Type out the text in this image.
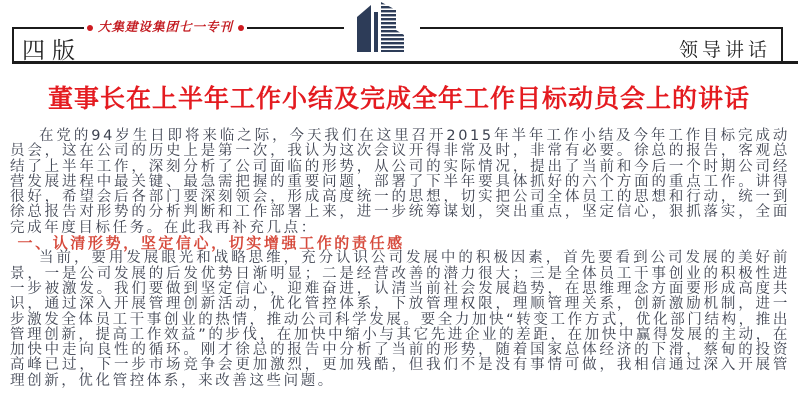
四版	领导讲话
大集建设集团七一专刊
董事长在上半年工作小结及完成全年工作目标动员会上的讲话

在党的94岁生日即将来临之际，今天我们在这里召开2015年半年工作小结及今年工作目标完成动员会，这在公司的历史上是第一次，我认为这次会议开得非常及时，非常有必要。徐总的报告，客观总结了上半年工作，深刻分析了公司面临的形势，从公司的实际情况，提出了当前和今后一个时期公司经营发展进程中最关键、最急需把握的重要问题，部署了下半年要具体抓好的六个方面的重点工作。讲得很好，希望会后各部门要深刻领会，形成高度统一的思想，切实把公司全体员工的思想和行动，统一到徐总报告对形势的分析判断和工作部署上来，进一步统筹谋划，突出重点，坚定信心，狠抓落实，全面完成年度目标任务。在此我再补充几点：

一、认清形势，坚定信心，切实增强工作的责任感

当前，要用发展眼光和战略思维，充分认识公司发展中的积极因素，首先要看到公司发展的美好前景，一是公司发展的后发优势日渐明显；二是经营改善的潜力很大；三是全体员工干事创业的积极性进一步被激发。我们要做到坚定信心，迎难奋进，认清当前社会发展趋势，在思维理念方面要形成高度共识，通过深入开展管理创新活动，优化管控体系，下放管理权限，理顺管理关系，创新激励机制，进一步激发全体员工干事创业的热情，推动公司科学发展。要全力加快“转变工作方式，优化部门结构，推出管理创新，提高工作效益”的步伐，在加快中缩小与其它先进企业的差距，在加快中赢得发展的主动，在加快中走向良性的循环。刚才徐总的报告中分析了当前的形势，随着国家总体经济的下滑，蔡甸的投资高峰已过，下一步市场竞争会更加激烈，更加残酷，但我们不是没有事情可做，我相信通过深入开展管理创新，优化管控体系，来改善这些问题。
